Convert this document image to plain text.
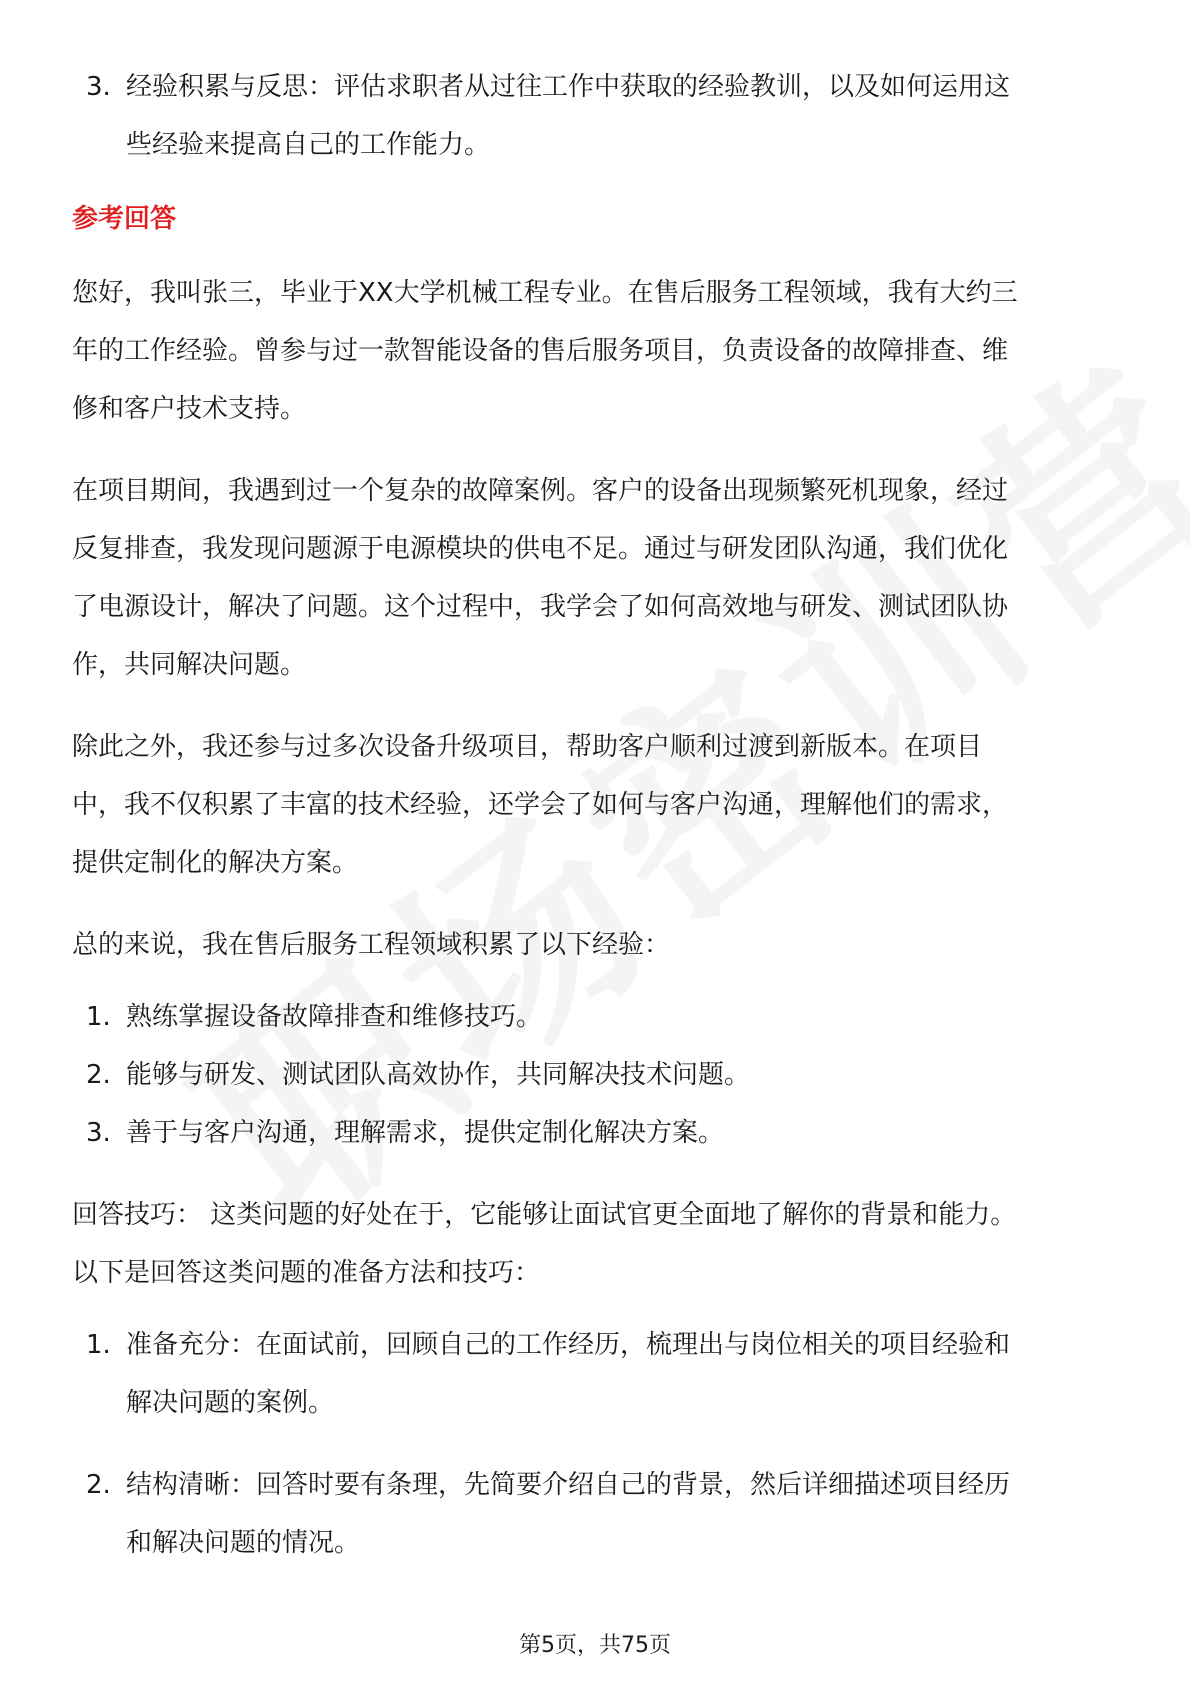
3. 经验积累与反思：评估求职者从过往工作中获取的经验教训，以及如何运用这
些经验来提高自己的工作能力。
参考回答
您好，我叫张三，毕业于XX大学机械工程专业。在售后服务工程领域，我有大约三
年的工作经验。曾参与过一款智能设备的售后服务项目，负责设备的故障排查、维
修和客户技术支持。
在项目期间，我遇到过一个复杂的故障案例。客户的设备出现频繁死机现象，经过
反复排查，我发现问题源于电源模块的供电不足。通过与研发团队沟通，我们优化
了电源设计，解决了问题。这个过程中，我学会了如何高效地与研发、测试团队协
作，共同解决问题。
除此之外，我还参与过多次设备升级项目，帮助客户顺利过渡到新版本。在项目
中，我不仅积累了丰富的技术经验，还学会了如何与客户沟通，理解他们的需求，
提供定制化的解决方案。
总的来说，我在售后服务工程领域积累了以下经验：
1. 熟练掌握设备故障排查和维修技巧。
2. 能够与研发、测试团队高效协作，共同解决技术问题。
3. 善于与客户沟通，理解需求，提供定制化解决方案。
回答技巧： 这类问题的好处在于，它能够让面试官更全面地了解你的背景和能力。
以下是回答这类问题的准备方法和技巧：
1. 准备充分：在面试前，回顾自己的工作经历，梳理出与岗位相关的项目经验和
解决问题的案例。
2. 结构清晰：回答时要有条理，先简要介绍自己的背景，然后详细描述项目经历
和解决问题的情况。
第5页，共75页
